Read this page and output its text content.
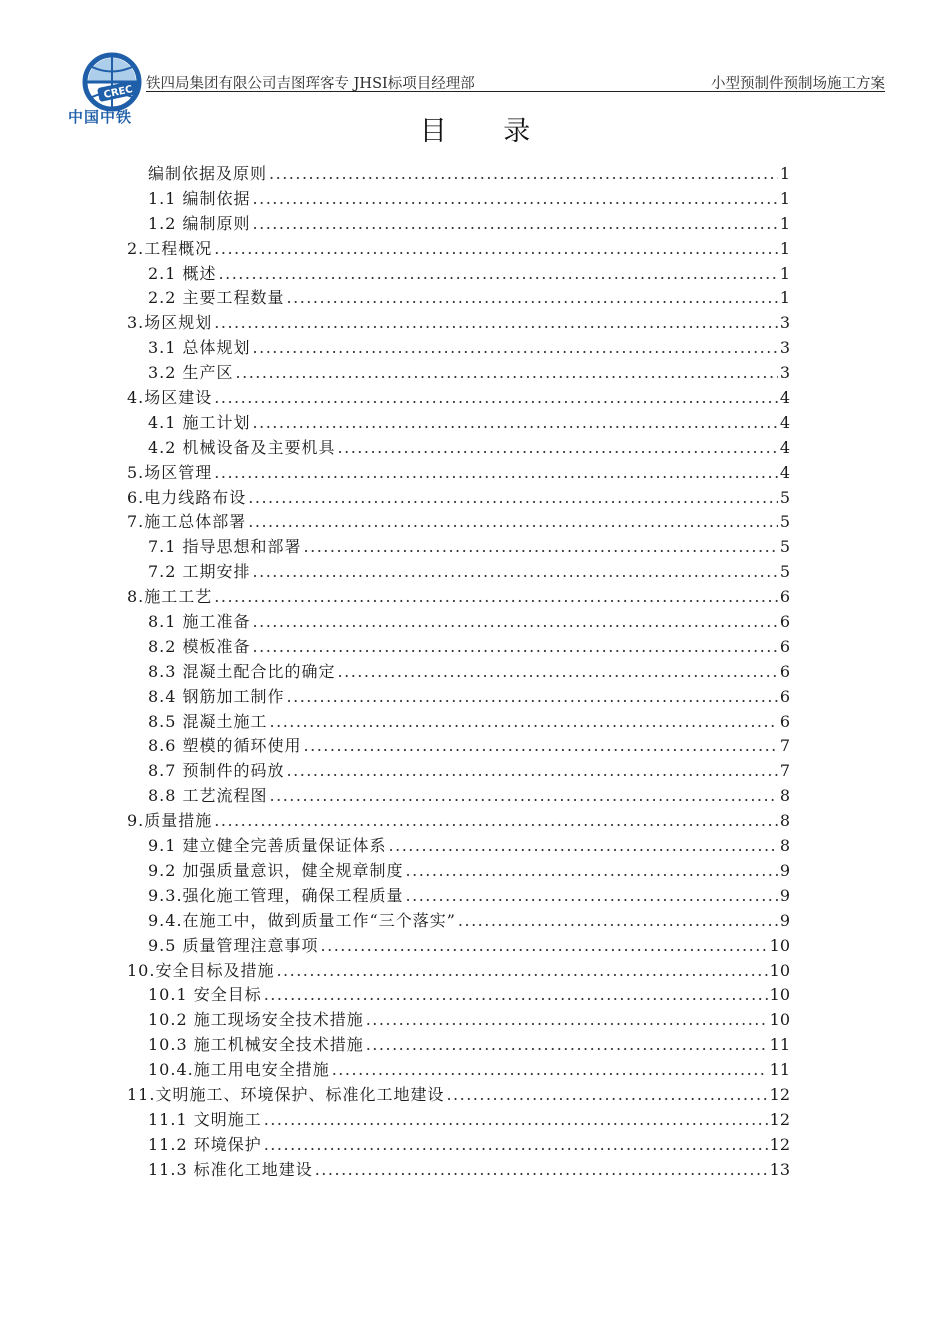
CREC
中国中铁
铁四局集团有限公司吉图珲客专 JHSⅠ标项目经理部	小型预制件预制场施工方案
目 录
编制依据及原则 .....	1
1.1 编制依据 .....	1
1.2 编制原则 .....	1
2.工程概况 .....	1
2.1 概述 .....	1
2.2 主要工程数量 .....	1
3.场区规划 .....	3
3.1 总体规划 .....	3
3.2 生产区 .....	3
4.场区建设 .....	4
4.1 施工计划 .....	4
4.2 机械设备及主要机具 .....	4
5.场区管理 .....	4
6.电力线路布设 .....	5
7.施工总体部署 .....	5
7.1 指导思想和部署 .....	5
7.2 工期安排 .....	5
8.施工工艺 .....	6
8.1 施工准备 .....	6
8.2 模板准备 .....	6
8.3 混凝土配合比的确定 .....	6
8.4 钢筋加工制作 .....	6
8.5 混凝土施工 .....	6
8.6 塑模的循环使用 .....	7
8.7 预制件的码放 .....	7
8.8 工艺流程图 .....	8
9.质量措施 .....	8
9.1 建立健全完善质量保证体系 .....	8
9.2 加强质量意识，健全规章制度 .....	9
9.3.强化施工管理，确保工程质量 .....	9
9.4.在施工中，做到质量工作“三个落实” .....	9
9.5 质量管理注意事项 .....	10
10.安全目标及措施 .....	10
10.1 安全目标 .....	10
10.2 施工现场安全技术措施 .....	10
10.3 施工机械安全技术措施 .....	11
10.4.施工用电安全措施 .....	11
11.文明施工、环境保护、标准化工地建设 .....	12
11.1 文明施工 .....	12
11.2 环境保护 .....	12
11.3 标准化工地建设 .....	13
